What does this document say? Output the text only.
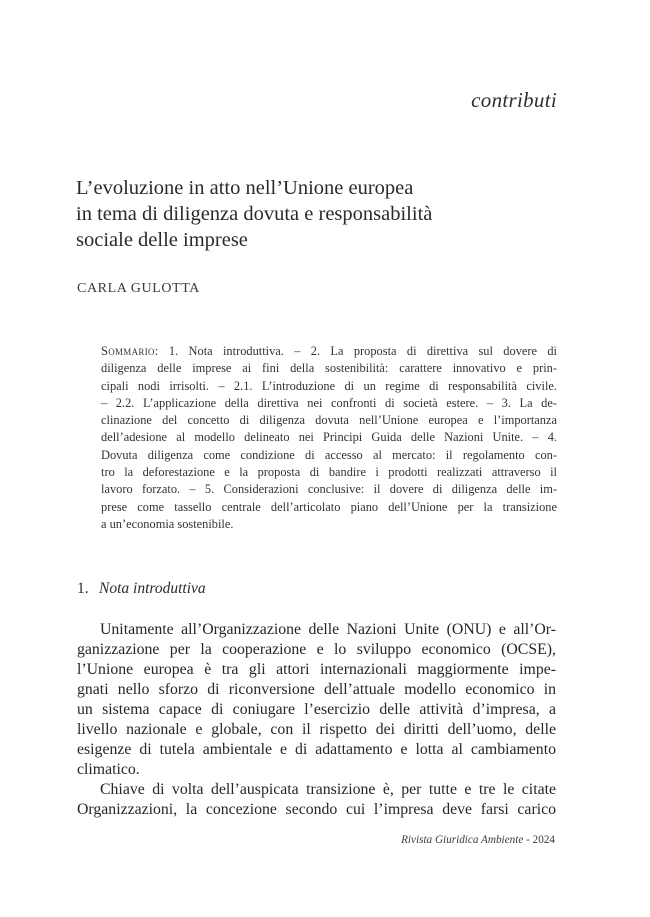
contributi
L’evoluzione in atto nell’Unione europea
in tema di diligenza dovuta e responsabilità
sociale delle imprese
CARLA GULOTTA
Sommario: 1. Nota introduttiva. – 2. La proposta di direttiva sul dovere di
diligenza delle imprese ai fini della sostenibilità: carattere innovativo e prin-
cipali nodi irrisolti. – 2.1. L’introduzione di un regime di responsabilità civile.
– 2.2. L’applicazione della direttiva nei confronti di società estere. – 3. La de-
clinazione del concetto di diligenza dovuta nell’Unione europea e l’importanza
dell’adesione al modello delineato nei Principi Guida delle Nazioni Unite. – 4.
Dovuta diligenza come condizione di accesso al mercato: il regolamento con-
tro la deforestazione e la proposta di bandire i prodotti realizzati attraverso il
lavoro forzato. – 5. Considerazioni conclusive: il dovere di diligenza delle im-
prese come tassello centrale dell’articolato piano dell’Unione per la transizione
a un’economia sostenibile.
1. Nota introduttiva
Unitamente all’Organizzazione delle Nazioni Unite (ONU) e all’Or-
ganizzazione per la cooperazione e lo sviluppo economico (OCSE),
l’Unione europea è tra gli attori internazionali maggiormente impe-
gnati nello sforzo di riconversione dell’attuale modello economico in
un sistema capace di coniugare l’esercizio delle attività d’impresa, a
livello nazionale e globale, con il rispetto dei diritti dell’uomo, delle
esigenze di tutela ambientale e di adattamento e lotta al cambiamento
climatico.
Chiave di volta dell’auspicata transizione è, per tutte e tre le citate
Organizzazioni, la concezione secondo cui l’impresa deve farsi carico
Rivista Giuridica Ambiente - 2024
